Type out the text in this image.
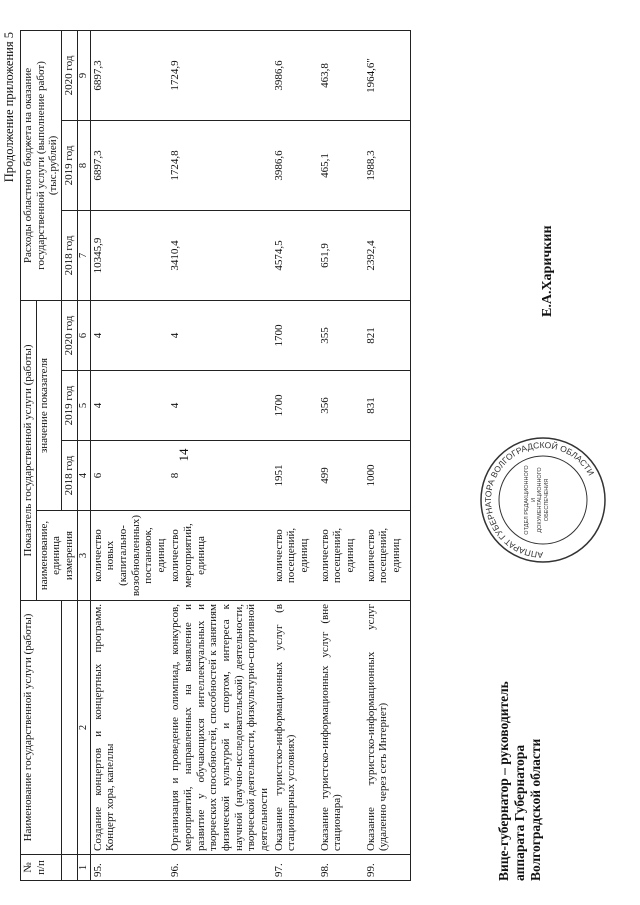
14
Продолжение приложения 5
№ п/п	Наименование государственной услуги (работы)	Показатель государственной услуги (работы)				Расходы областного бюджета на оказание государственной услуги (выполнение работ) (тыс.рублей)		
		наименование, единица измерения	значение показателя					
			2018 год	2019 год	2020 год	2018 год	2019 год	2020 год
1	2	3	4	5	6	7	8	9
95.	Создание концертов и концертных программ. Концерт хора, капеллы	количество новых (капитально-возобновленных) постановок, единиц	6	4	4	10345,9	6897,3	6897,3
96.	Организация и проведение олимпиад, конкурсов, мероприятий, направленных на выявление и развитие у обучающихся интеллектуальных и творческих способностей, способностей к занятиям физической культурой и спортом, интереса к научной (научно-исследовательской) деятельности, творческой деятельности, физкультурно-спортивной деятельности	количество мероприятий, единица	8	4	4	3410,4	1724,8	1724,9
97.	Оказание туристско-информационных услуг (в стационарных условиях)	количество посещений, единиц	1951	1700	1700	4574,5	3986,6	3986,6
98.	Оказание туристско-информационных услуг (вне стационара)	количество посещений, единиц	499	356	355	651,9	465,1	463,8
99.	Оказание туристско-информационных услуг (удаленно через сеть Интернет)	количество посещений, единиц	1000	831	821	2392,4	1988,3	1964,6"
Вице-губернатор – руководитель аппарата Губернатора Волгоградской области
АППАРАТ ГУБЕРНАТОРА ВОЛГОГРАДСКОЙ ОБЛАСТИ
ОТДЕЛ РЕДАКЦИОННОГО И ДОКУМЕНТАЦИОННОГО ОБЕСПЕЧЕНИЯ
Е.А.Харичкин
